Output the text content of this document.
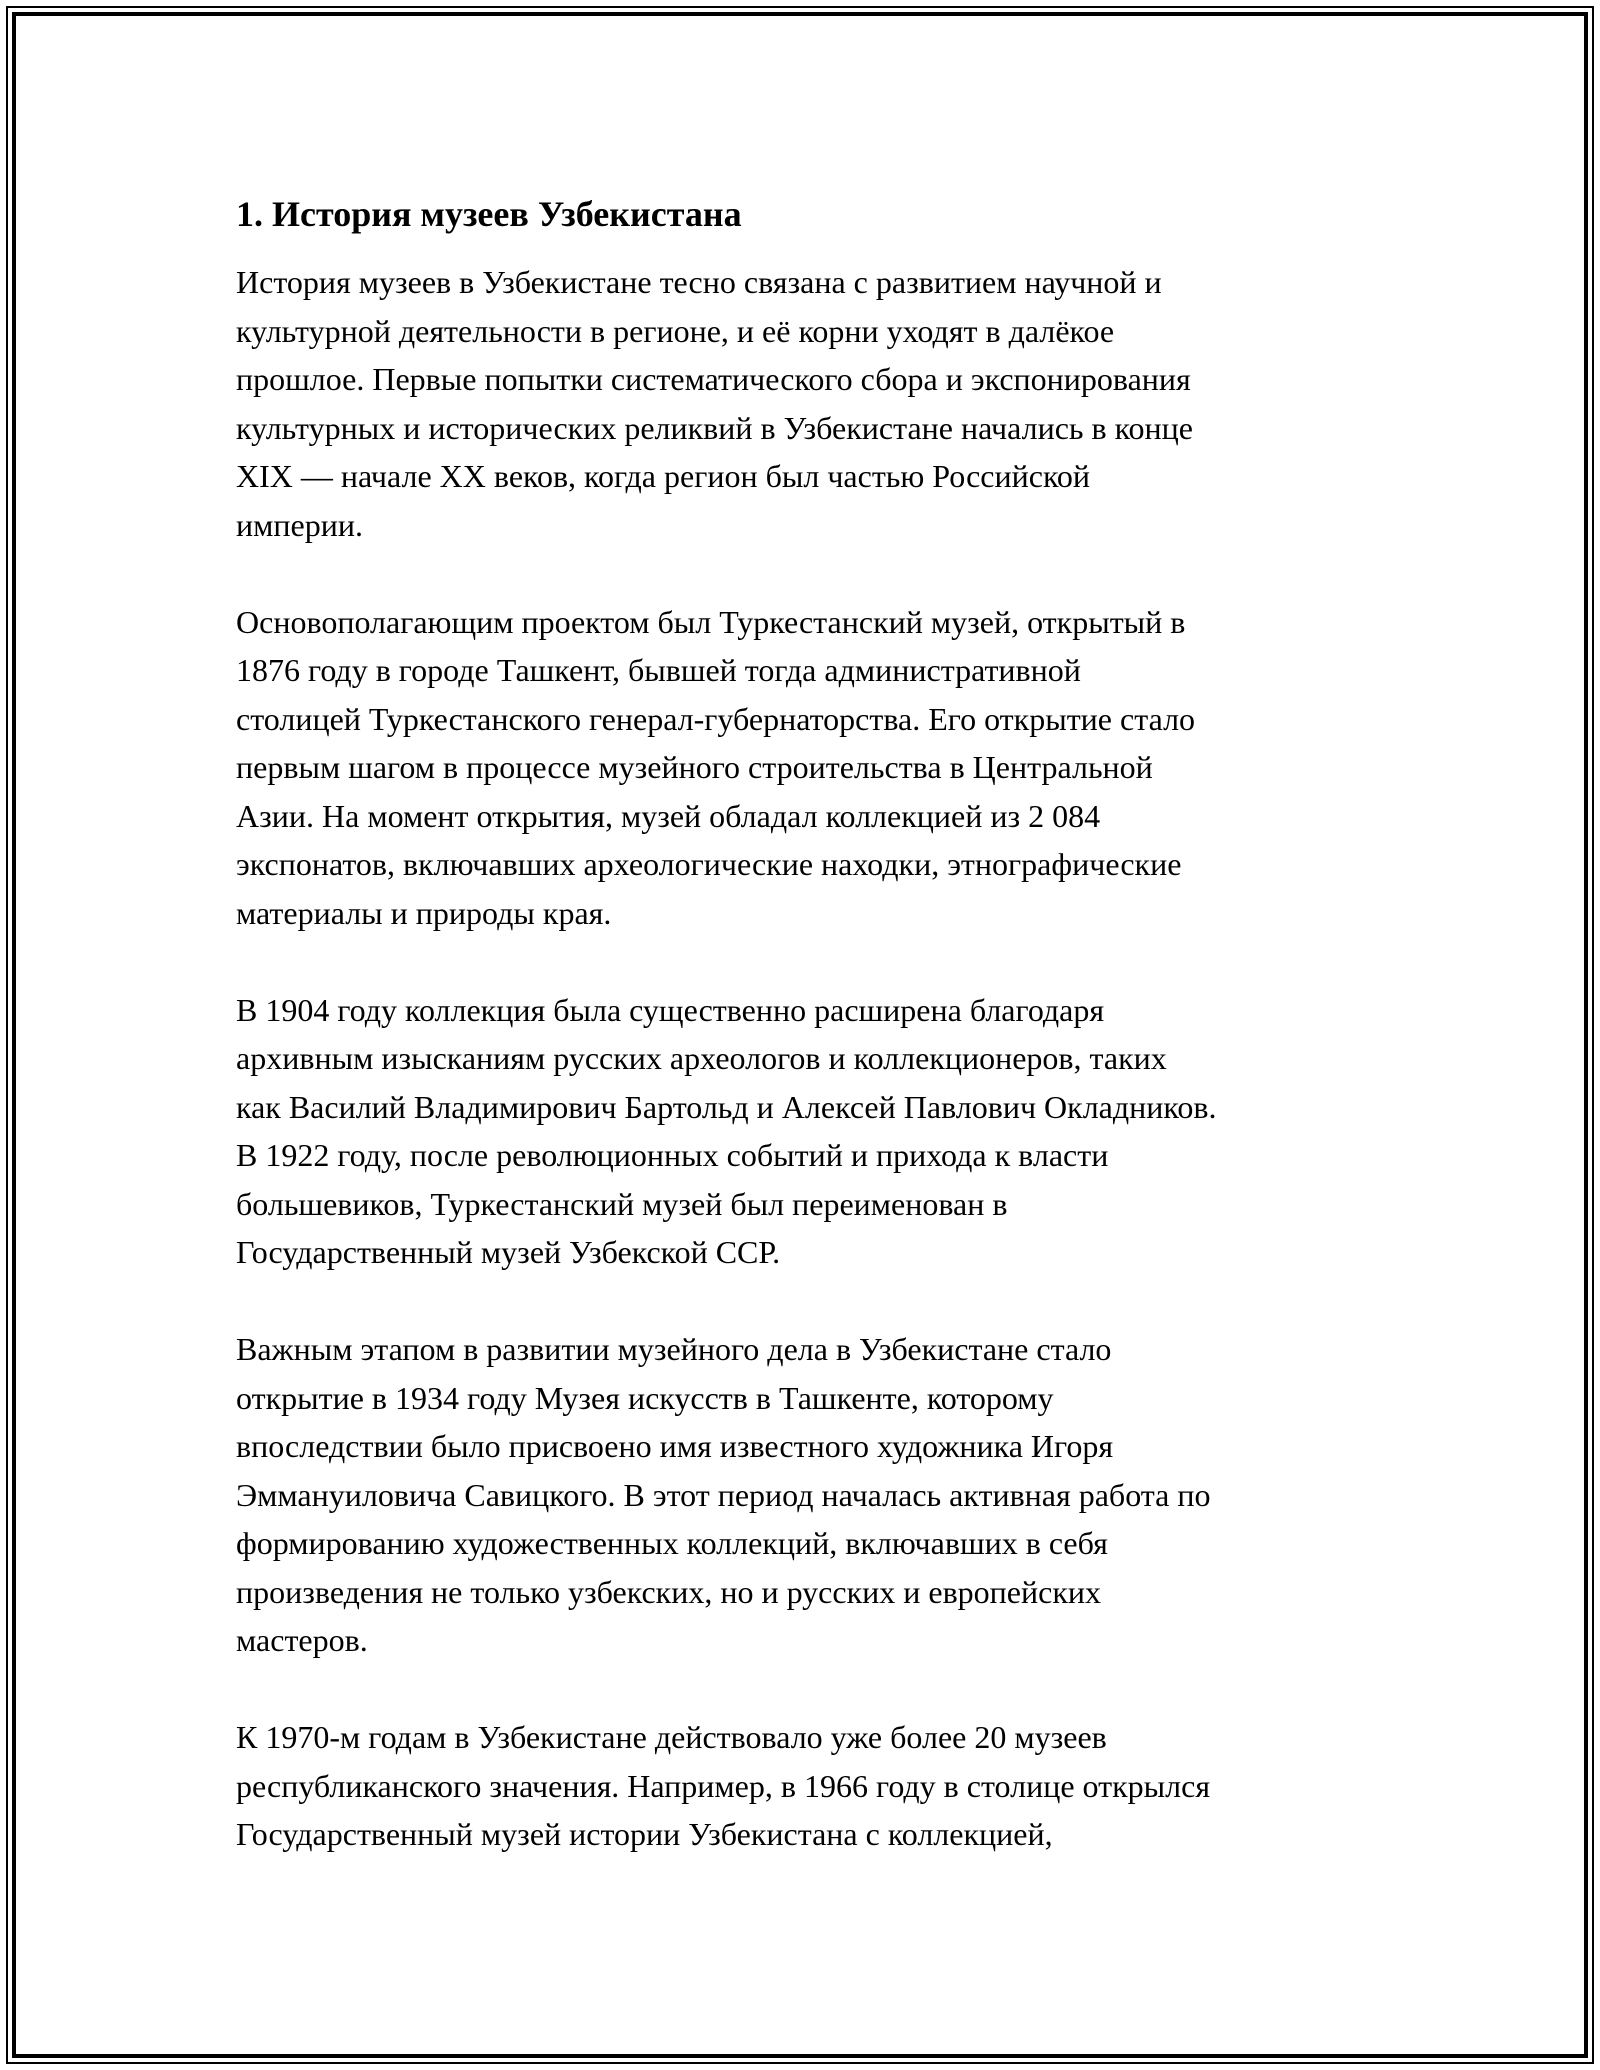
1. История музеев Узбекистана
История музеев в Узбекистане тесно связана с развитием научной и
культурной деятельности в регионе, и её корни уходят в далёкое
прошлое. Первые попытки систематического сбора и экспонирования
культурных и исторических реликвий в Узбекистане начались в конце
XIX — начале XX веков, когда регион был частью Российской
империи.
Основополагающим проектом был Туркестанский музей, открытый в
1876 году в городе Ташкент, бывшей тогда административной
столицей Туркестанского генерал-губернаторства. Его открытие стало
первым шагом в процессе музейного строительства в Центральной
Азии. На момент открытия, музей обладал коллекцией из 2 084
экспонатов, включавших археологические находки, этнографические
материалы и природы края.
В 1904 году коллекция была существенно расширена благодаря
архивным изысканиям русских археологов и коллекционеров, таких
как Василий Владимирович Бартольд и Алексей Павлович Окладников.
В 1922 году, после революционных событий и прихода к власти
большевиков, Туркестанский музей был переименован в
Государственный музей Узбекской ССР.
Важным этапом в развитии музейного дела в Узбекистане стало
открытие в 1934 году Музея искусств в Ташкенте, которому
впоследствии было присвоено имя известного художника Игоря
Эммануиловича Савицкого. В этот период началась активная работа по
формированию художественных коллекций, включавших в себя
произведения не только узбекских, но и русских и европейских
мастеров.
К 1970-м годам в Узбекистане действовало уже более 20 музеев
республиканского значения. Например, в 1966 году в столице открылся
Государственный музей истории Узбекистана с коллекцией,
